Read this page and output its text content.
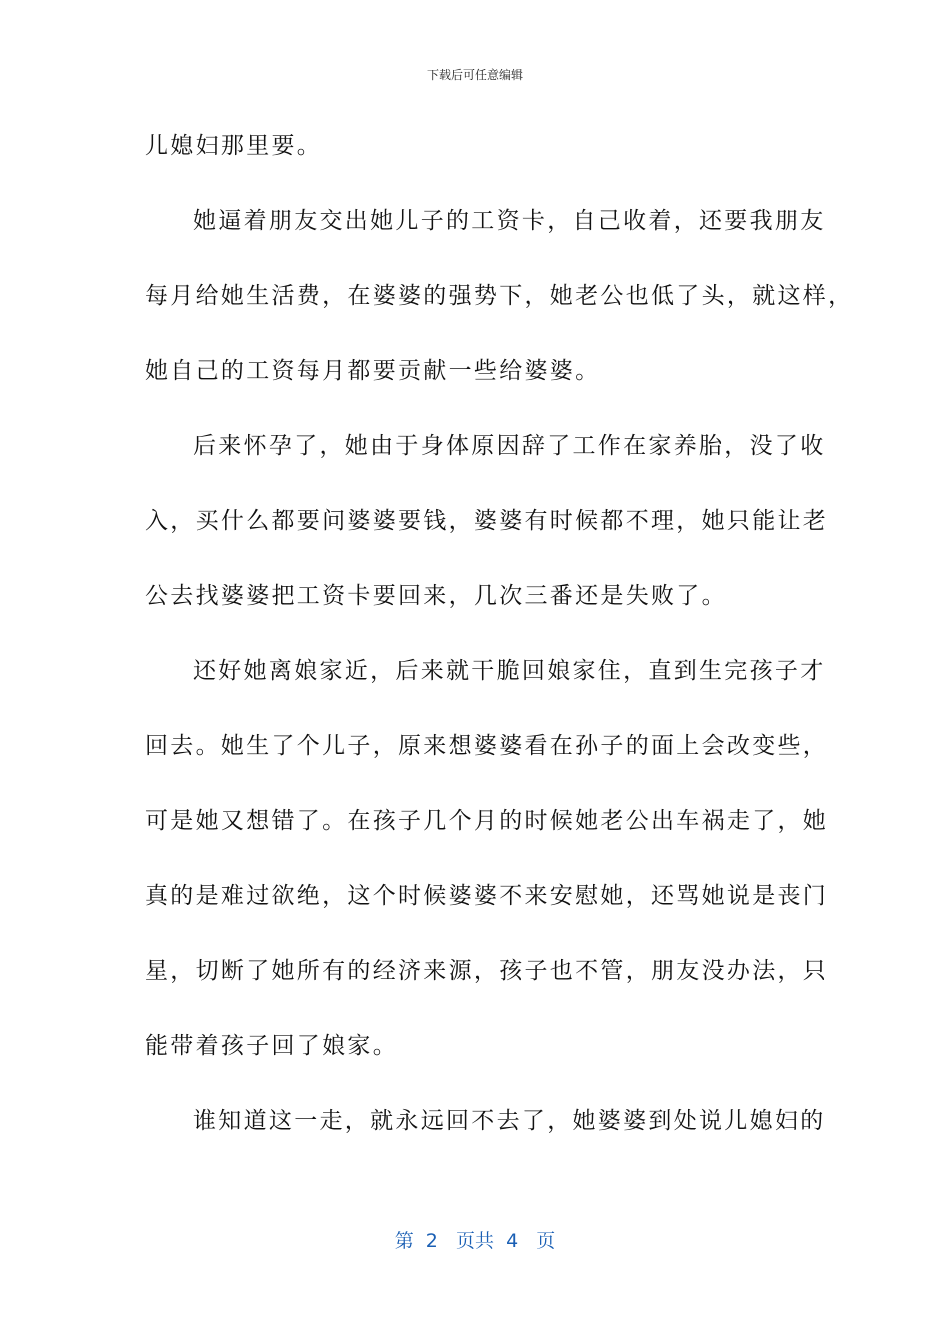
下载后可任意编辑
儿媳妇那里要。
她逼着朋友交出她儿子的工资卡，自己收着，还要我朋友
每月给她生活费，在婆婆的强势下，她老公也低了头，就这样，
她自己的工资每月都要贡献一些给婆婆。
后来怀孕了，她由于身体原因辞了工作在家养胎，没了收
入，买什么都要问婆婆要钱，婆婆有时候都不理，她只能让老
公去找婆婆把工资卡要回来，几次三番还是失败了。
还好她离娘家近，后来就干脆回娘家住，直到生完孩子才
回去。她生了个儿子，原来想婆婆看在孙子的面上会改变些，
可是她又想错了。在孩子几个月的时候她老公出车祸走了，她
真的是难过欲绝，这个时候婆婆不来安慰她，还骂她说是丧门
星，切断了她所有的经济来源，孩子也不管，朋友没办法，只
能带着孩子回了娘家。
谁知道这一走，就永远回不去了，她婆婆到处说儿媳妇的
第  2   页共  4   页
